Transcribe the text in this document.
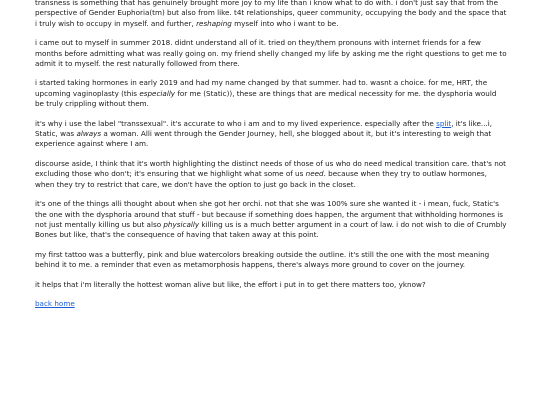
transness is something that has genuinely brought more joy to my life than i know what to do with. i don't just say that from the perspective of Gender Euphoria(tm) but also from like. t4t relationships, queer community, occupying the body and the space that i truly wish to occupy in myself. and further, reshaping myself into who i want to be.

i came out to myself in summer 2018. didnt understand all of it. tried on they/them pronouns with internet friends for a few months before admitting what was really going on. my friend shelly changed my life by asking me the right questions to get me to admit it to myself. the rest naturally followed from there.

i started taking hormones in early 2019 and had my name changed by that summer. had to. wasnt a choice. for me, HRT, the upcoming vaginoplasty (this especially for me (Static)), these are things that are medical necessity for me. the dysphoria would be truly crippling without them.

it's why i use the label "transsexual". it's accurate to who i am and to my lived experience. especially after the split, it's like...i, Static, was always a woman. Alli went through the Gender Journey, hell, she blogged about it, but it's interesting to weigh that experience against where I am.

discourse aside, I think that it's worth highlighting the distinct needs of those of us who do need medical transition care. that's not excluding those who don't; it's ensuring that we highlight what some of us need. because when they try to outlaw hormones, when they try to restrict that care, we don't have the option to just go back in the closet.

it's one of the things alli thought about when she got her orchi. not that she was 100% sure she wanted it - i mean, fuck, Static's the one with the dysphoria around that stuff - but because if something does happen, the argument that withholding hormones is not just mentally killing us but also physically killing us is a much better argument in a court of law. i do not wish to die of Crumbly Bones but like, that's the consequence of having that taken away at this point.

my first tattoo was a butterfly, pink and blue watercolors breaking outside the outline. it's still the one with the most meaning behind it to me. a reminder that even as metamorphosis happens, there's always more ground to cover on the journey.

it helps that i'm literally the hottest woman alive but like, the effort i put in to get there matters too, yknow?

back home
